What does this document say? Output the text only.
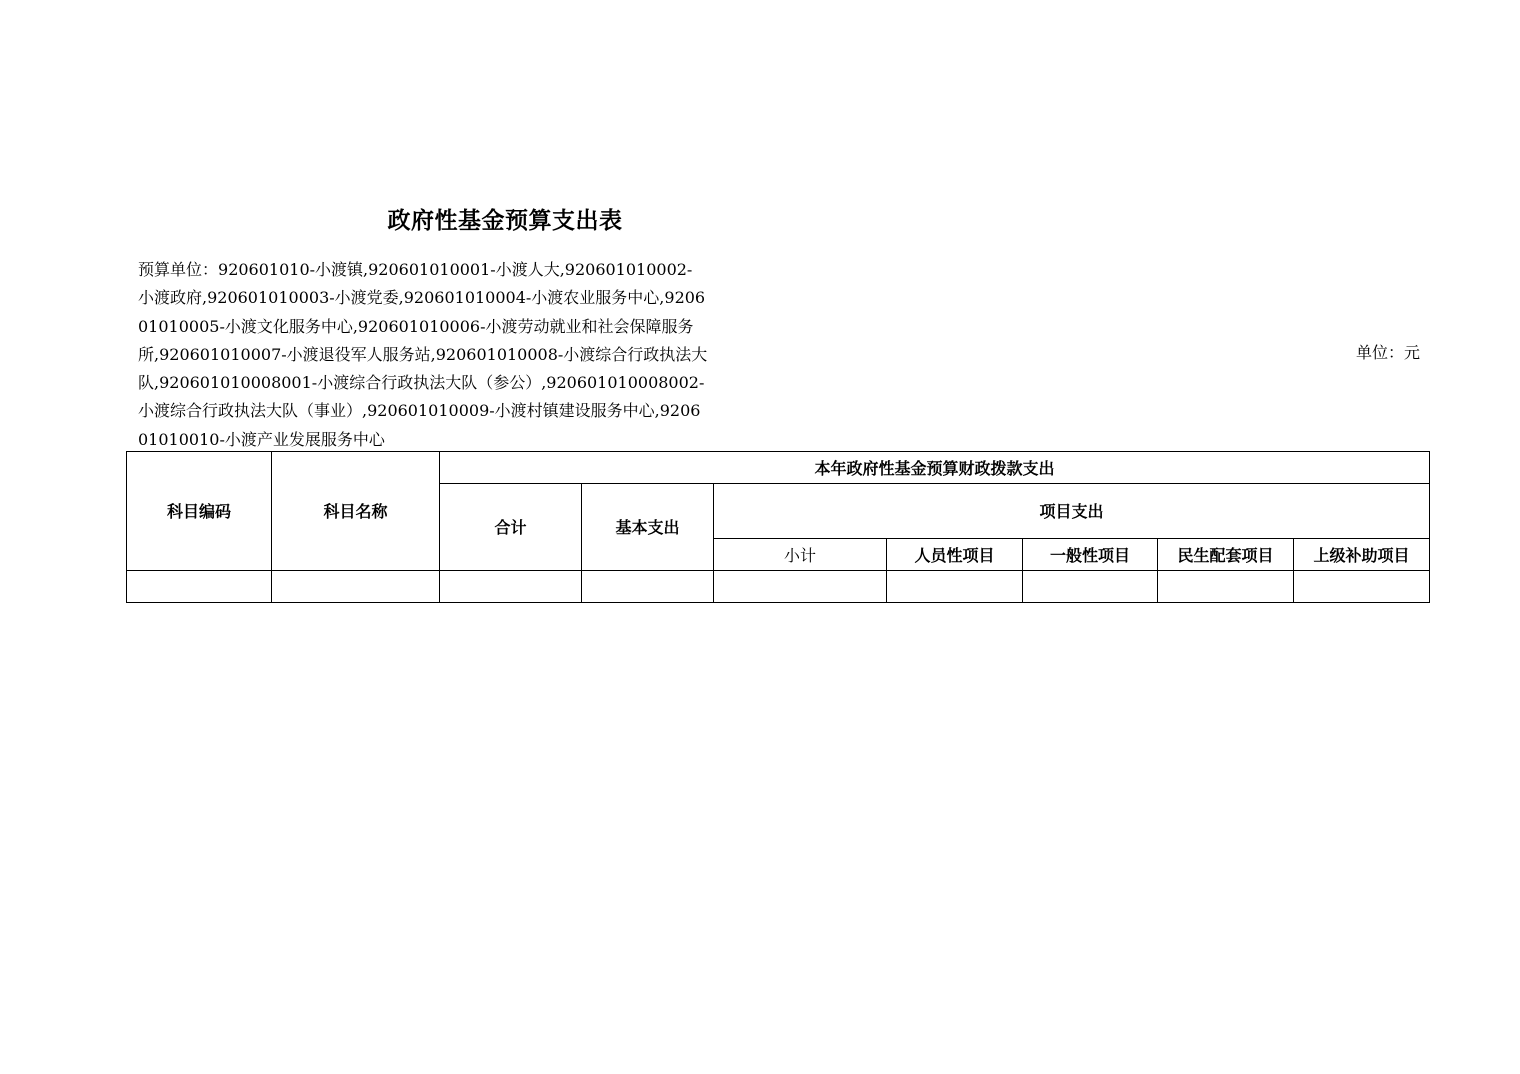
政府性基金预算支出表

预算单位：920601010-小渡镇,920601010001-小渡人大,920601010002-小渡政府,920601010003-小渡党委,920601010004-小渡农业服务中心,920601010005-小渡文化服务中心,920601010006-小渡劳动就业和社会保障服务所,920601010007-小渡退役军人服务站,920601010008-小渡综合行政执法大队,920601010008001-小渡综合行政执法大队（参公）,920601010008002-小渡综合行政执法大队（事业）,920601010009-小渡村镇建设服务中心,920601010010-小渡产业发展服务中心

单位：元

科目编码	科目名称	本年政府性基金预算财政拨款支出						
		合计	基本支出	项目支出				
				小计	人员性项目	一般性项目	民生配套项目	上级补助项目
